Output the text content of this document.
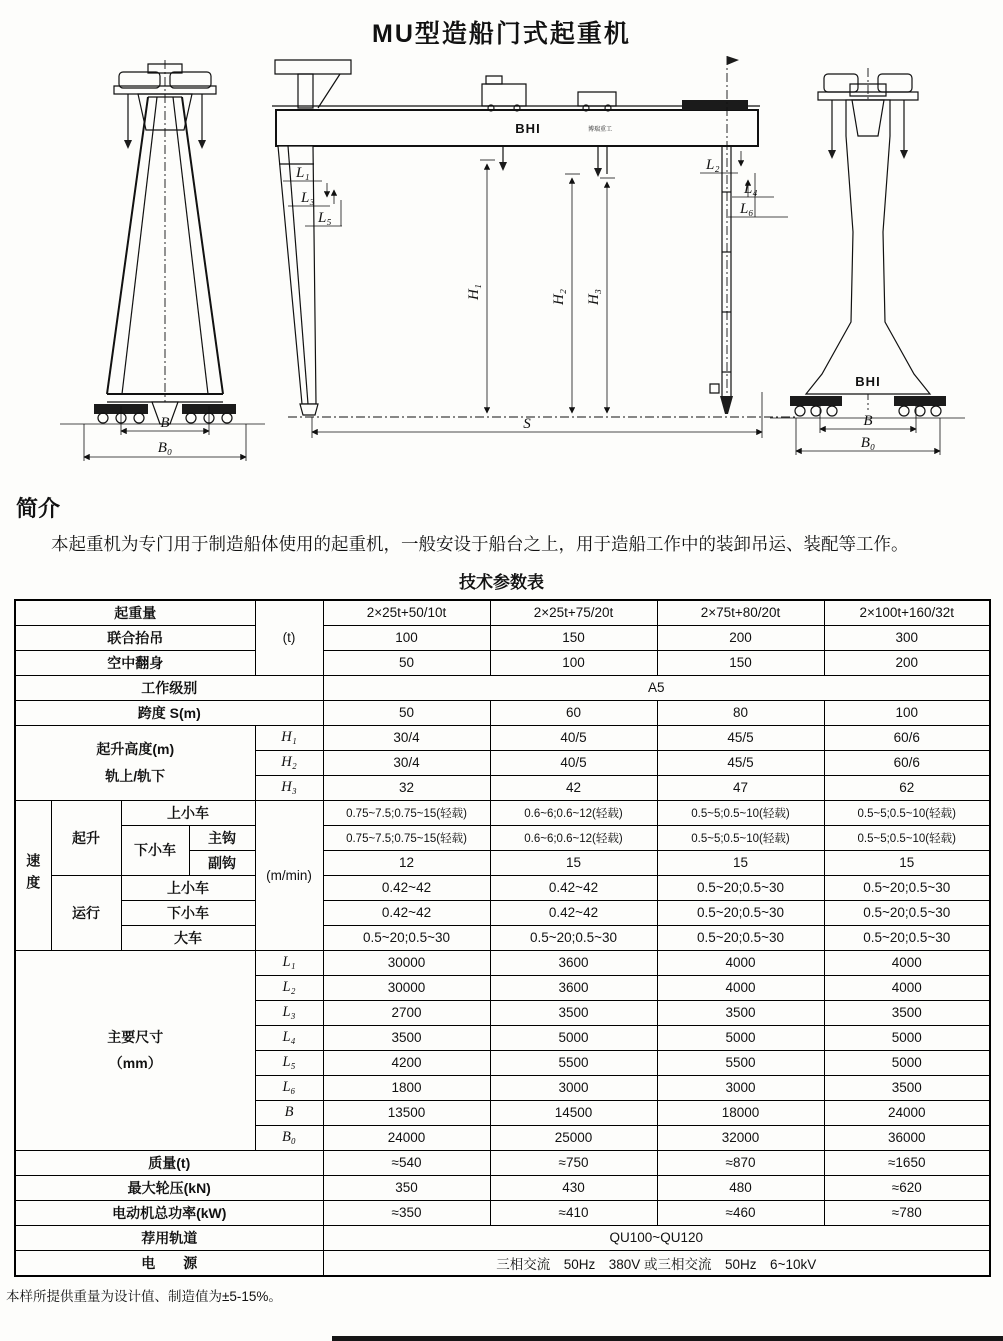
MU型造船门式起重机
B
B₀
BHI	博瑞重工
L₁
L₃
L₅
L₂
L₄
L₆
H₁	H₂ H₃
S
BHI
B
B₀
简介

本起重机为专门用于制造船体使用的起重机，一般安设于船台之上，用于造船工作中的装卸吊运、装配等工作。

技术参数表
起重量				(t)	2×25t+50/10t	2×25t+75/20t	2×75t+80/20t	2×100t+160/32t
联合抬吊					100	150	200	300
空中翻身					50	100	150	200
工作级别					A5			
跨度 S(m)					50	60	80	100

起升高度(m)
轨上/轨下				H₁	30/4	40/5	45/5	60/6
				H₂	30/4	40/5	45/5	60/6
				H₃	32	42	47	62

速度	起升	上小车		(m/min)	0.75~7.5;0.75~15(轻载)	0.6~6;0.6~12(轻载)	0.5~5;0.5~10(轻载)	0.5~5;0.5~10(轻载)
		下小车	主钩		0.75~7.5;0.75~15(轻载)	0.6~6;0.6~12(轻载)	0.5~5;0.5~10(轻载)	0.5~5;0.5~10(轻载)
			副钩		12	15	15	15
	运行	上小车			0.42~42	0.42~42	0.5~20;0.5~30	0.5~20;0.5~30
		下小车			0.42~42	0.42~42	0.5~20;0.5~30	0.5~20;0.5~30
		大车			0.5~20;0.5~30	0.5~20;0.5~30	0.5~20;0.5~30	0.5~20;0.5~30

主要尺寸
（mm）				L₁	30000	3600	4000	4000
				L₂	30000	3600	4000	4000
				L₃	2700	3500	3500	3500
				L₄	3500	5000	5000	5000
				L₅	4200	5500	5500	5000
				L₆	1800	3000	3000	3500
				B	13500	14500	18000	24000
				B₀	24000	25000	32000	36000
质量(t)					≈540	≈750	≈870	≈1650
最大轮压(kN)					350	430	480	≈620
电动机总功率(kW)					≈350	≈410	≈460	≈780
荐用轨道					QU100~QU120			
电　　源					三相交流　50Hz　380V 或三相交流　50Hz　6~10kV			

本样所提供重量为设计值、制造值为±5-15%。
